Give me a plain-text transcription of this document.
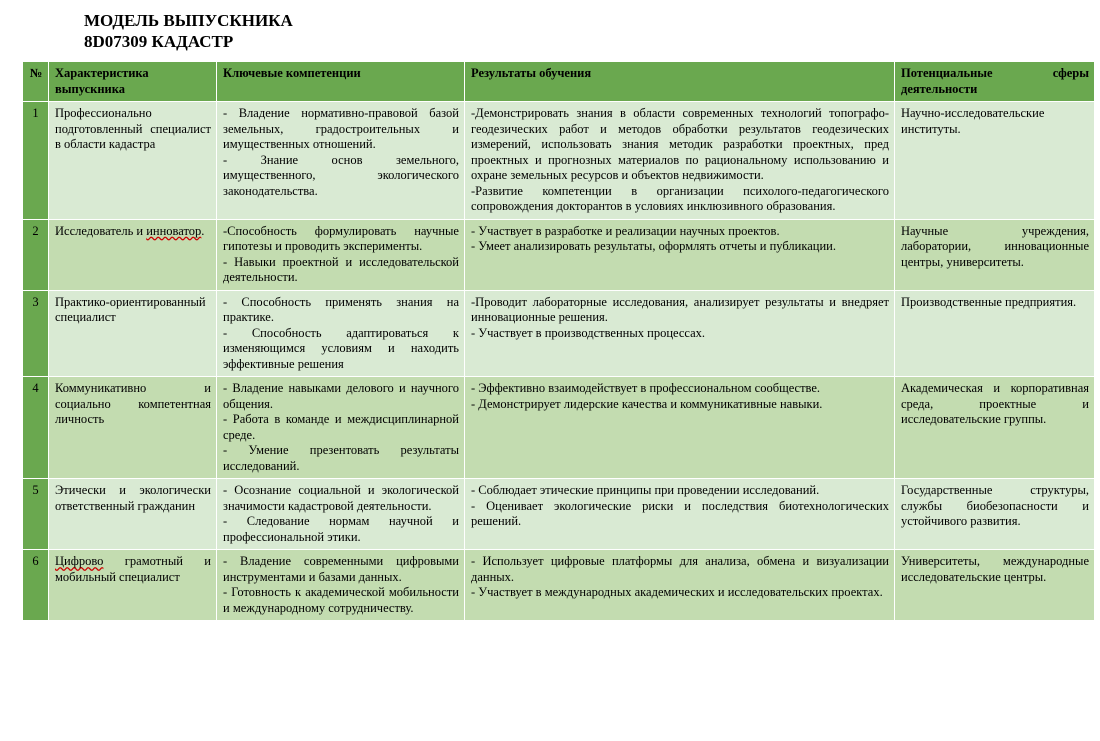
МОДЕЛЬ ВЫПУСКНИКА
8D07309 КАДАСТР
№	Характеристика выпускника	Ключевые компетенции	Результаты обучения	Потенциальные сферы деятельности
1	Профессионально подготовленный специалист в области кадастра	- Владение нормативно-правовой базой земельных, градостроительных и имущественных отношений.
- Знание основ земельного, имущественного, экологического законодательства.	-Демонстрировать знания в области современных технологий топографо-геодезических работ и методов обработки результатов геодезических измерений, использовать знания методик разработки проектных, пред проектных и прогнозных материалов по рациональному использованию и охране земельных ресурсов и объектов недвижимости.
-Развитие компетенции в организации психолого-педагогического сопровождения докторантов в условиях инклюзивного образования.	Научно-исследовательские институты.

2	Исследователь и инноватор.	-Способность формулировать научные гипотезы и проводить эксперименты.
- Навыки проектной и исследовательской деятельности.	- Участвует в разработке и реализации научных проектов.
- Умеет анализировать результаты, оформлять отчеты и публикации.	Научные учреждения, лаборатории, инновационные центры, университеты.

3	Практико-ориентированный специалист	- Способность применять знания на практике.
- Способность адаптироваться к изменяющимся условиям и находить эффективные решения	-Проводит лабораторные исследования, анализирует результаты и внедряет инновационные решения.
- Участвует в производственных процессах.	Производственные предприятия.

4	Коммуникативно и социально компетентная личность	- Владение навыками делового и научного общения.
- Работа в команде и междисциплинарной среде.
- Умение презентовать результаты исследований.	- Эффективно взаимодействует в профессиональном сообществе.
- Демонстрирует лидерские качества и коммуникативные навыки.	Академическая и корпоративная среда, проектные и исследовательские группы.

5	Этически и экологически ответственный гражданин	- Осознание социальной и экологической значимости кадастровой деятельности.
- Следование нормам научной и профессиональной этики.	- Соблюдает этические принципы при проведении исследований.
- Оценивает экологические риски и последствия биотехнологических решений.	Государственные структуры, службы биобезопасности и устойчивого развития.

6	Цифрово грамотный и мобильный специалист	- Владение современными цифровыми инструментами и базами данных.
- Готовность к академической мобильности и международному сотрудничеству.	- Использует цифровые платформы для анализа, обмена и визуализации данных.
- Участвует в международных академических и исследовательских проектах.	Университеты, международные исследовательские центры.
